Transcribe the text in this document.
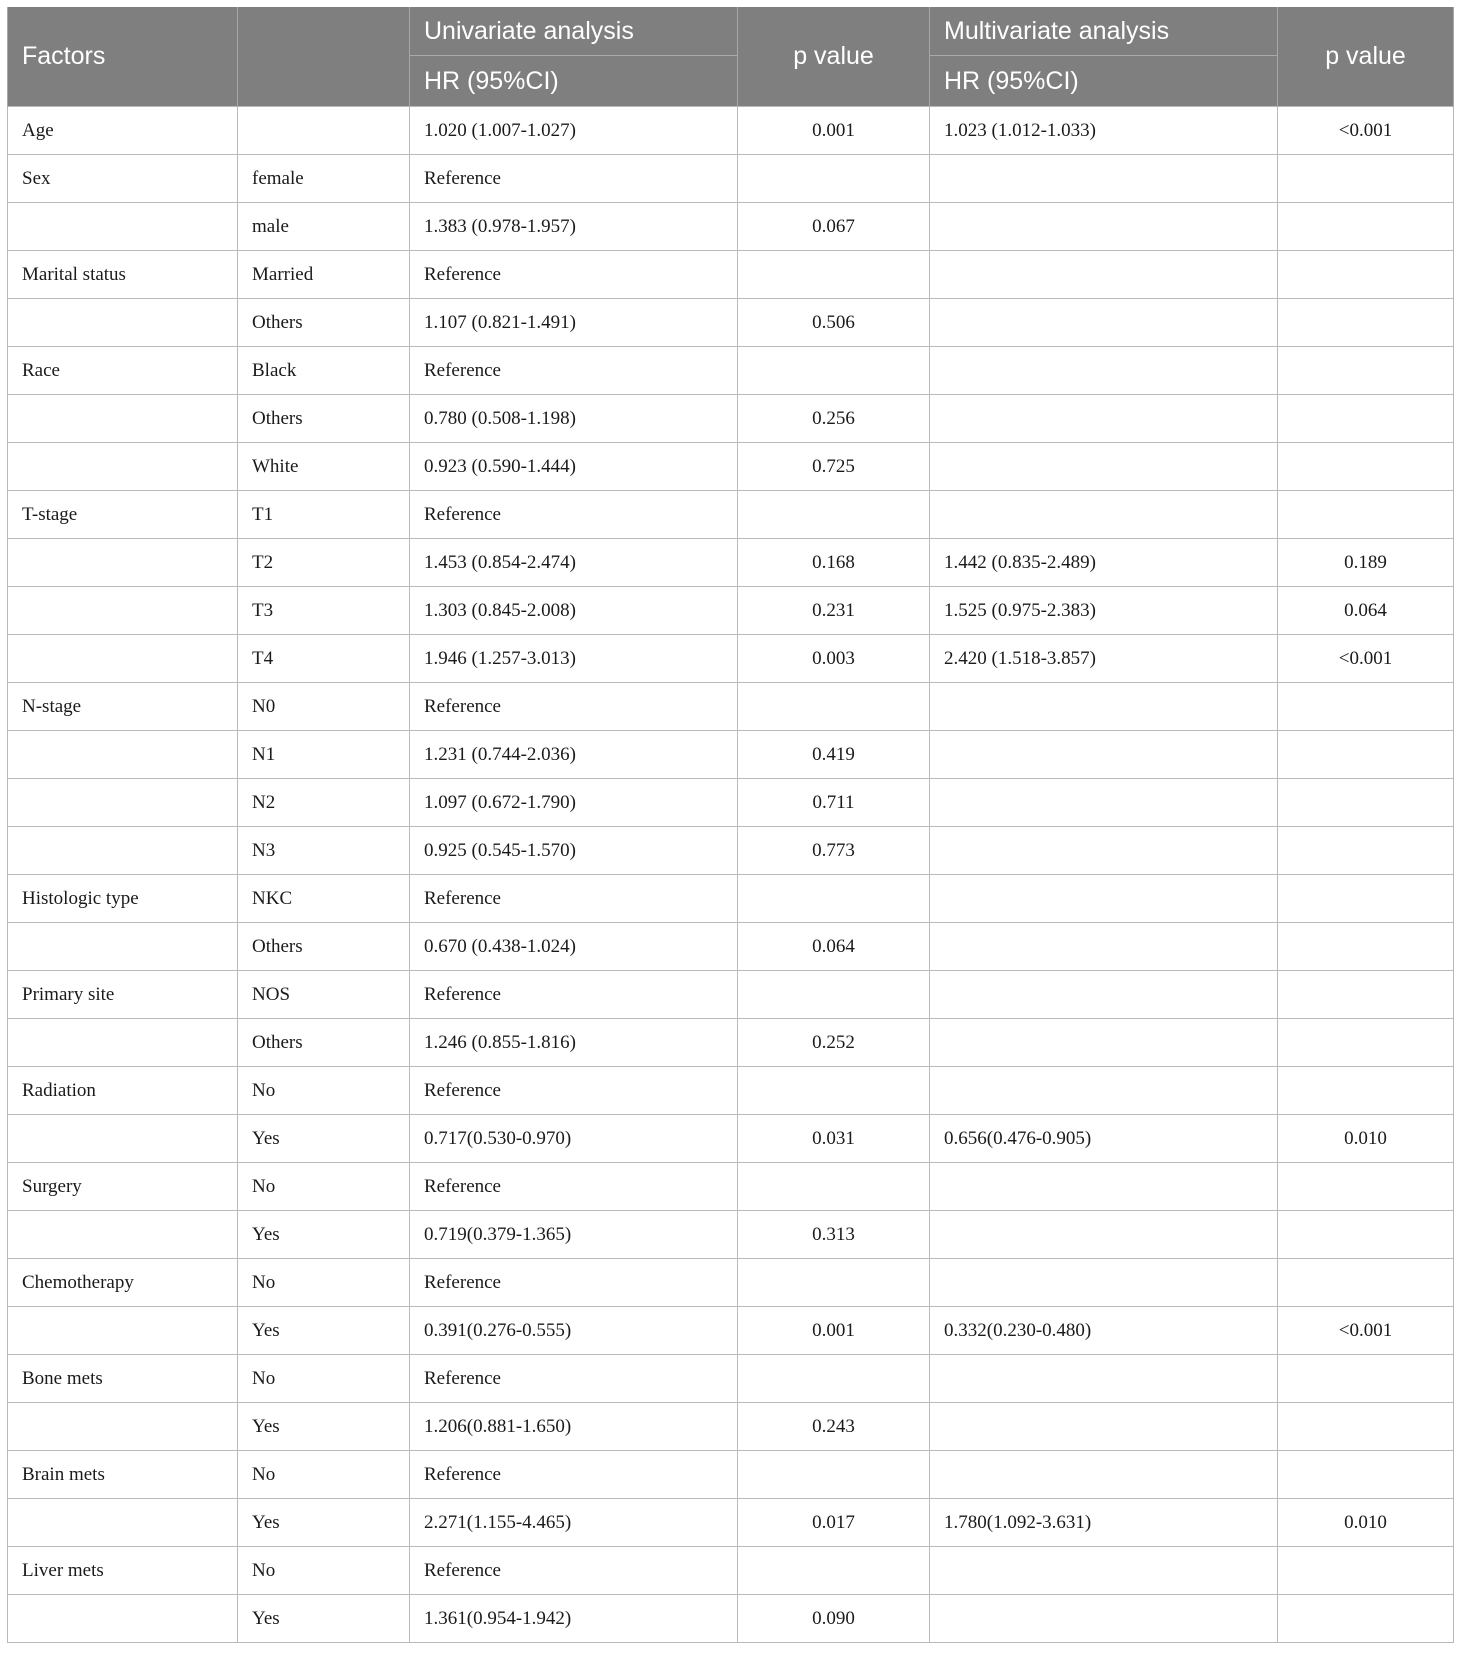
Factors		Univariate analysis	p value	Multivariate analysis	p value
		HR (95%CI)		HR (95%CI)	
Age		1.020 (1.007-1.027)	0.001	1.023 (1.012-1.033)	<0.001
Sex	female	Reference			
	male	1.383 (0.978-1.957)	0.067		
Marital status	Married	Reference			
	Others	1.107 (0.821-1.491)	0.506		
Race	Black	Reference			
	Others	0.780 (0.508-1.198)	0.256		
	White	0.923 (0.590-1.444)	0.725		
T-stage	T1	Reference			
	T2	1.453 (0.854-2.474)	0.168	1.442 (0.835-2.489)	0.189
	T3	1.303 (0.845-2.008)	0.231	1.525 (0.975-2.383)	0.064
	T4	1.946 (1.257-3.013)	0.003	2.420 (1.518-3.857)	<0.001
N-stage	N0	Reference			
	N1	1.231 (0.744-2.036)	0.419		
	N2	1.097 (0.672-1.790)	0.711		
	N3	0.925 (0.545-1.570)	0.773		
Histologic type	NKC	Reference			
	Others	0.670 (0.438-1.024)	0.064		
Primary site	NOS	Reference			
	Others	1.246 (0.855-1.816)	0.252		
Radiation	No	Reference			
	Yes	0.717(0.530-0.970)	0.031	0.656(0.476-0.905)	0.010
Surgery	No	Reference			
	Yes	0.719(0.379-1.365)	0.313		
Chemotherapy	No	Reference			
	Yes	0.391(0.276-0.555)	0.001	0.332(0.230-0.480)	<0.001
Bone mets	No	Reference			
	Yes	1.206(0.881-1.650)	0.243		
Brain mets	No	Reference			
	Yes	2.271(1.155-4.465)	0.017	1.780(1.092-3.631)	0.010
Liver mets	No	Reference			
	Yes	1.361(0.954-1.942)	0.090		
